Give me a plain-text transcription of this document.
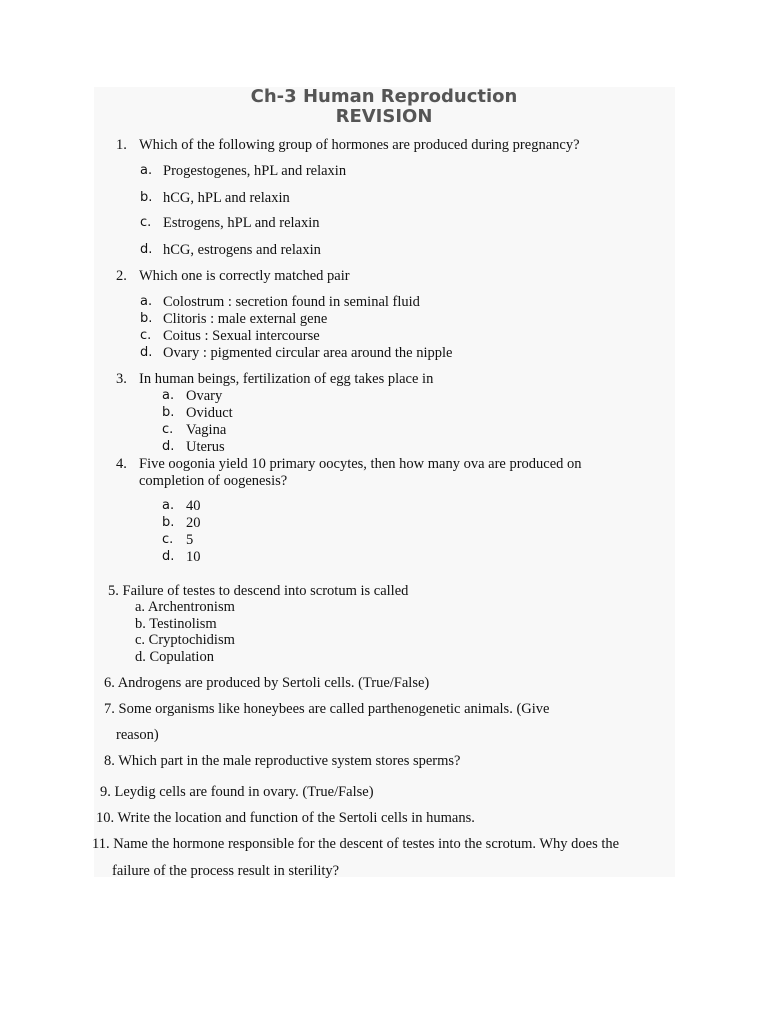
Ch-3 Human Reproduction
REVISION
1. Which of the following group of hormones are produced during pregnancy?
a. Progestogenes, hPL and relaxin
b. hCG, hPL and relaxin
c. Estrogens, hPL and relaxin
d. hCG, estrogens and relaxin
2. Which one is correctly matched pair
a. Colostrum : secretion found in seminal fluid
b. Clitoris : male external gene
c. Coitus : Sexual intercourse
d. Ovary : pigmented circular area around the nipple
3. In human beings, fertilization of egg takes place in
a. Ovary
b. Oviduct
c. Vagina
d. Uterus
4. Five oogonia yield 10 primary oocytes, then how many ova are produced on
completion of oogenesis?
a. 40
b. 20
c. 5
d. 10
5. Failure of testes to descend into scrotum is called
a. Archentronism
b. Testinolism
c. Cryptochidism
d. Copulation
6. Androgens are produced by Sertoli cells. (True/False)
7. Some organisms like honeybees are called parthenogenetic animals. (Give
reason)
8. Which part in the male reproductive system stores sperms?
9. Leydig cells are found in ovary. (True/False)
10. Write the location and function of the Sertoli cells in humans.
11. Name the hormone responsible for the descent of testes into the scrotum. Why does the
failure of the process result in sterility?
